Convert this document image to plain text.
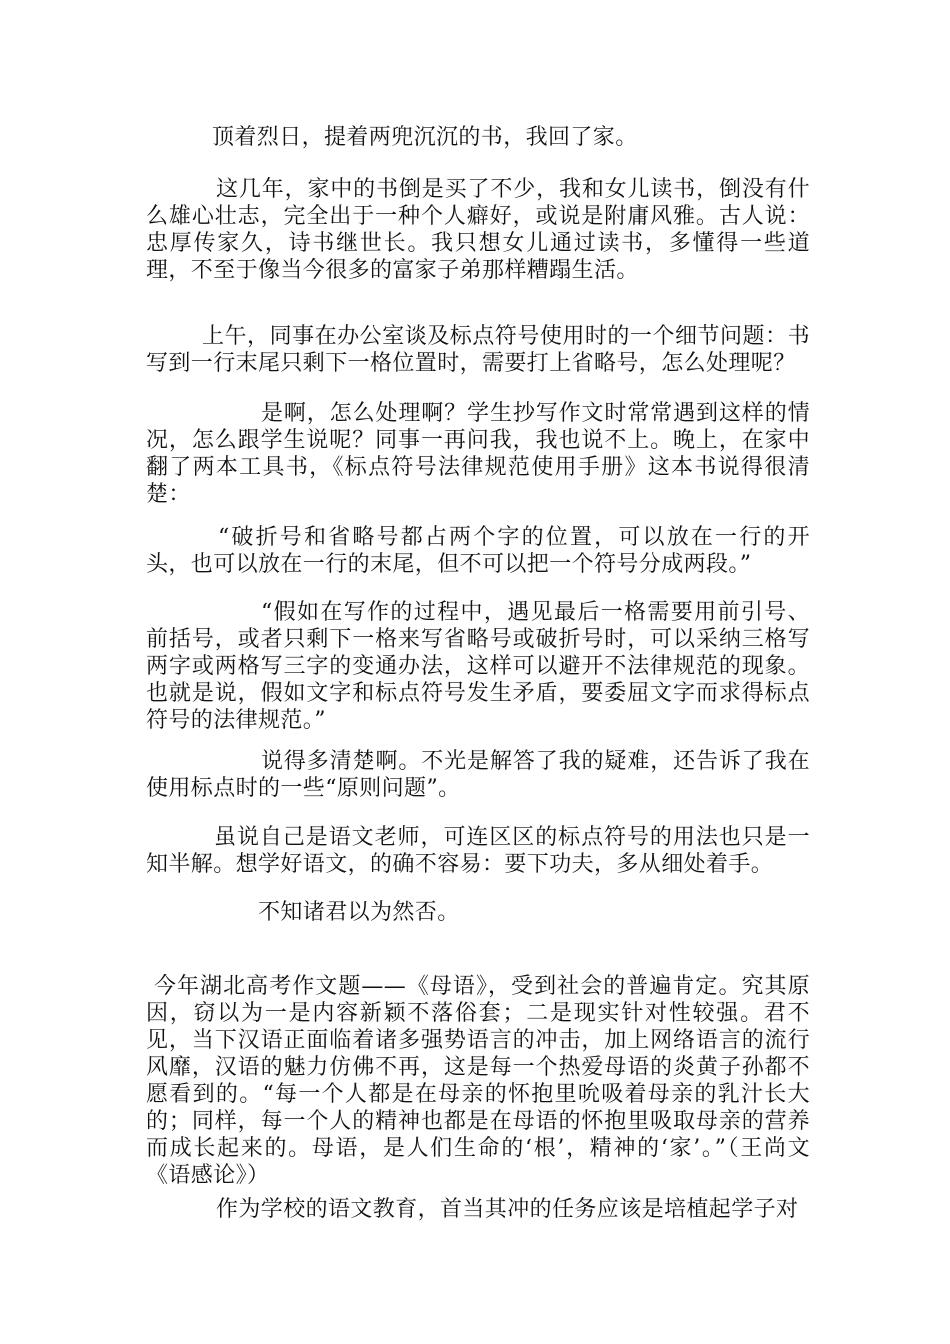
顶着烈日，提着两兜沉沉的书，我回了家。

这几年，家中的书倒是买了不少，我和女儿读书，倒没有什么雄心壮志，完全出于一种个人癖好，或说是附庸风雅。古人说：忠厚传家久，诗书继世长。我只想女儿通过读书，多懂得一些道理，不至于像当今很多的富家子弟那样糟蹋生活。

上午，同事在办公室谈及标点符号使用时的一个细节问题：书写到一行末尾只剩下一格位置时，需要打上省略号，怎么处理呢？

是啊，怎么处理啊？学生抄写作文时常常遇到这样的情况，怎么跟学生说呢？同事一再问我，我也说不上。晚上，在家中翻了两本工具书，《标点符号法律规范使用手册》这本书说得很清楚：

“破折号和省略号都占两个字的位置，可以放在一行的开头，也可以放在一行的末尾，但不可以把一个符号分成两段。”

“假如在写作的过程中，遇见最后一格需要用前引号、前括号，或者只剩下一格来写省略号或破折号时，可以采纳三格写两字或两格写三字的变通办法，这样可以避开不法律规范的现象。也就是说，假如文字和标点符号发生矛盾，要委屈文字而求得标点符号的法律规范。”

说得多清楚啊。不光是解答了我的疑难，还告诉了我在使用标点时的一些“原则问题”。

虽说自己是语文老师，可连区区的标点符号的用法也只是一知半解。想学好语文，的确不容易：要下功夫，多从细处着手。

不知诸君以为然否。

今年湖北高考作文题——《母语》，受到社会的普遍肯定。究其原因，窃以为一是内容新颖不落俗套；二是现实针对性较强。君不见，当下汉语正面临着诸多强势语言的冲击，加上网络语言的流行风靡，汉语的魅力仿佛不再，这是每一个热爱母语的炎黄子孙都不愿看到的。“每一个人都是在母亲的怀抱里吮吸着母亲的乳汁长大的；同样，每一个人的精神也都是在母语的怀抱里吸取母亲的营养而成长起来的。母语，是人们生命的‘根’，精神的‘家’。”（王尚文《语感论》）

作为学校的语文教育，首当其冲的任务应该是培植起学子对
